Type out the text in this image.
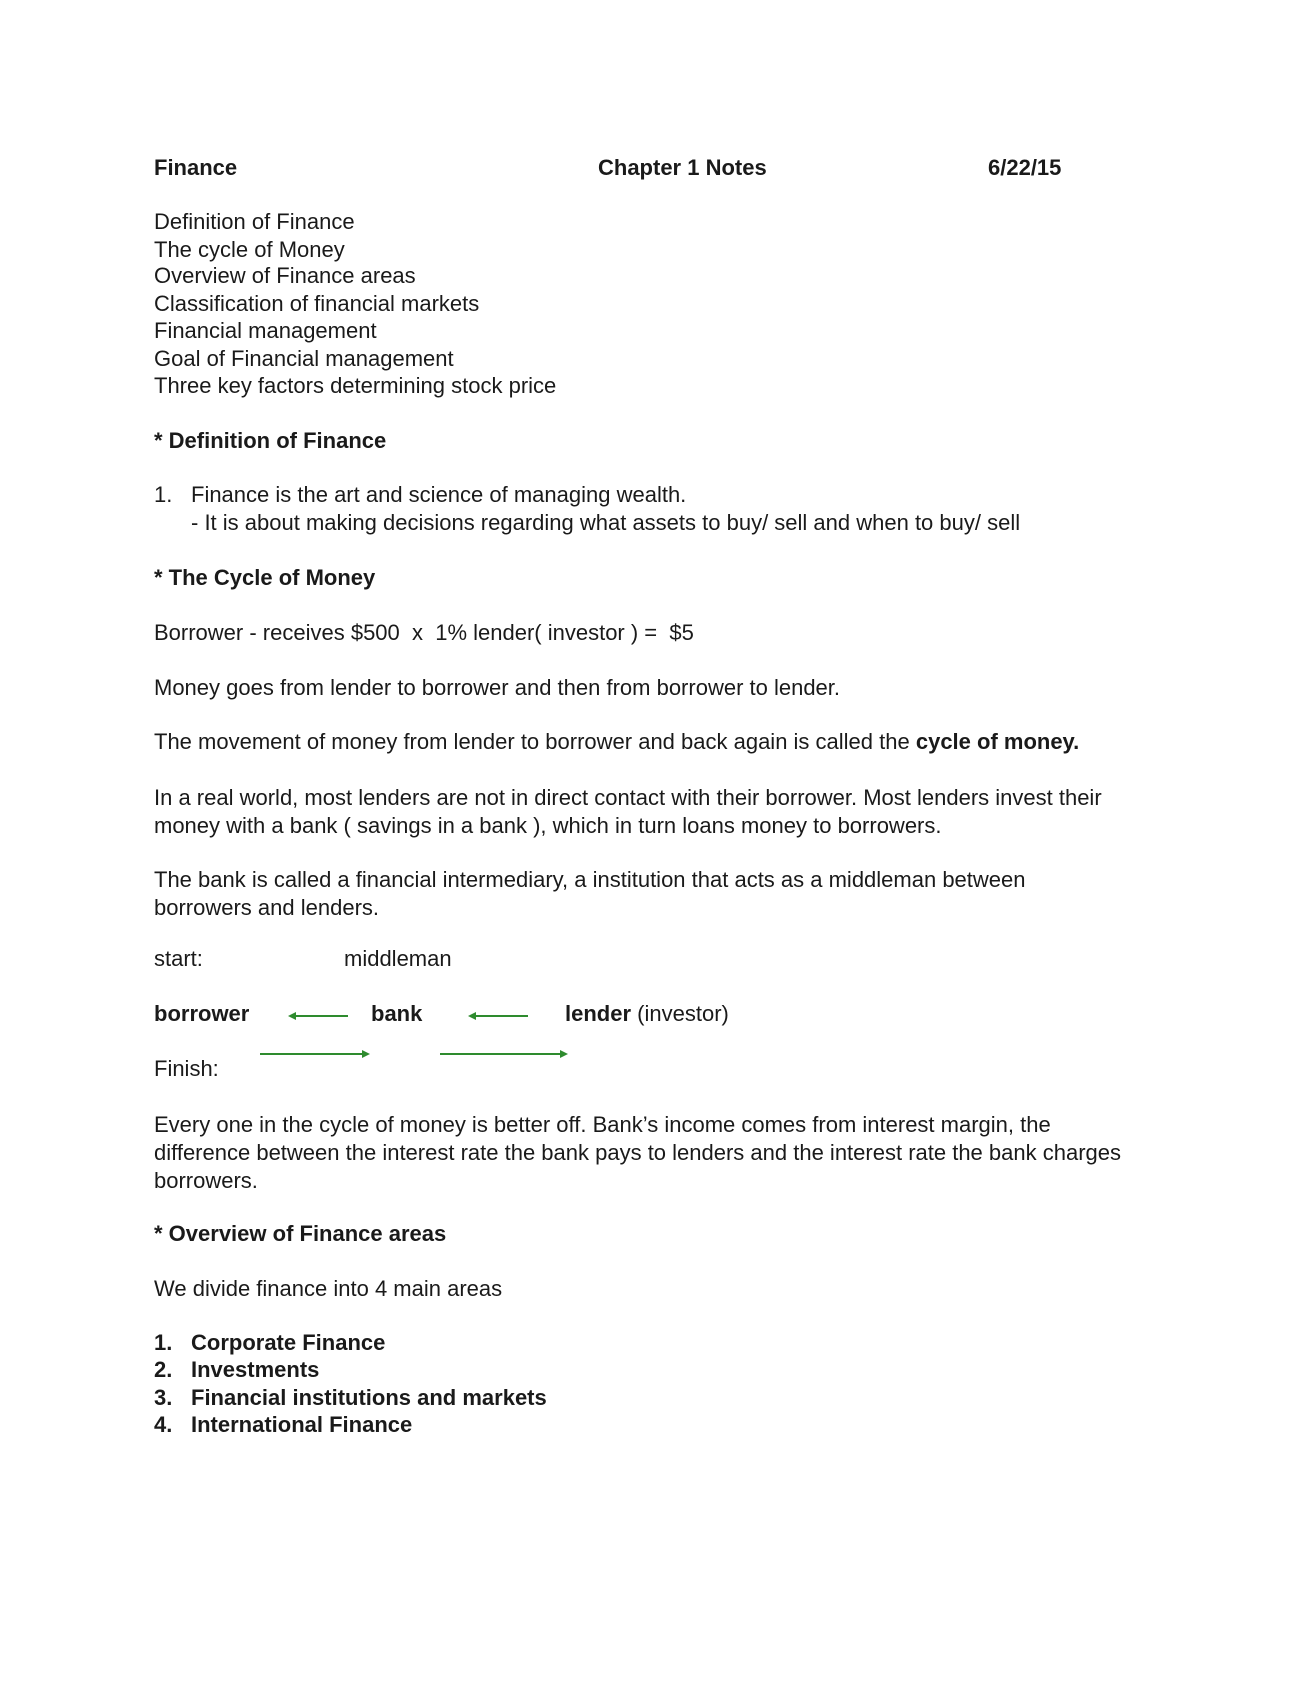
Finance	Chapter 1 Notes	6/22/15
Definition of Finance
The cycle of Money
Overview of Finance areas
Classification of financial markets
Financial management
Goal of Financial management
Three key factors determining stock price
* Definition of Finance
1. Finance is the art and science of managing wealth.
- It is about making decisions regarding what assets to buy/ sell and when to buy/ sell
* The Cycle of Money
Borrower - receives $500  x  1% lender( investor ) =  $5
Money goes from lender to borrower and then from borrower to lender.
The movement of money from lender to borrower and back again is called the cycle of money.
In a real world, most lenders are not in direct contact with their borrower. Most lenders invest their money with a bank ( savings in a bank ), which in turn loans money to borrowers.
The bank is called a financial intermediary, a institution that acts as a middleman between borrowers and lenders.
start:	middleman
borrower	bank	lender (investor)
Finish:
Every one in the cycle of money is better off. Bank’s income comes from interest margin, the difference between the interest rate the bank pays to lenders and the interest rate the bank charges borrowers.
* Overview of Finance areas
We divide finance into 4 main areas
1. Corporate Finance
2. Investments
3. Financial institutions and markets
4. International Finance
